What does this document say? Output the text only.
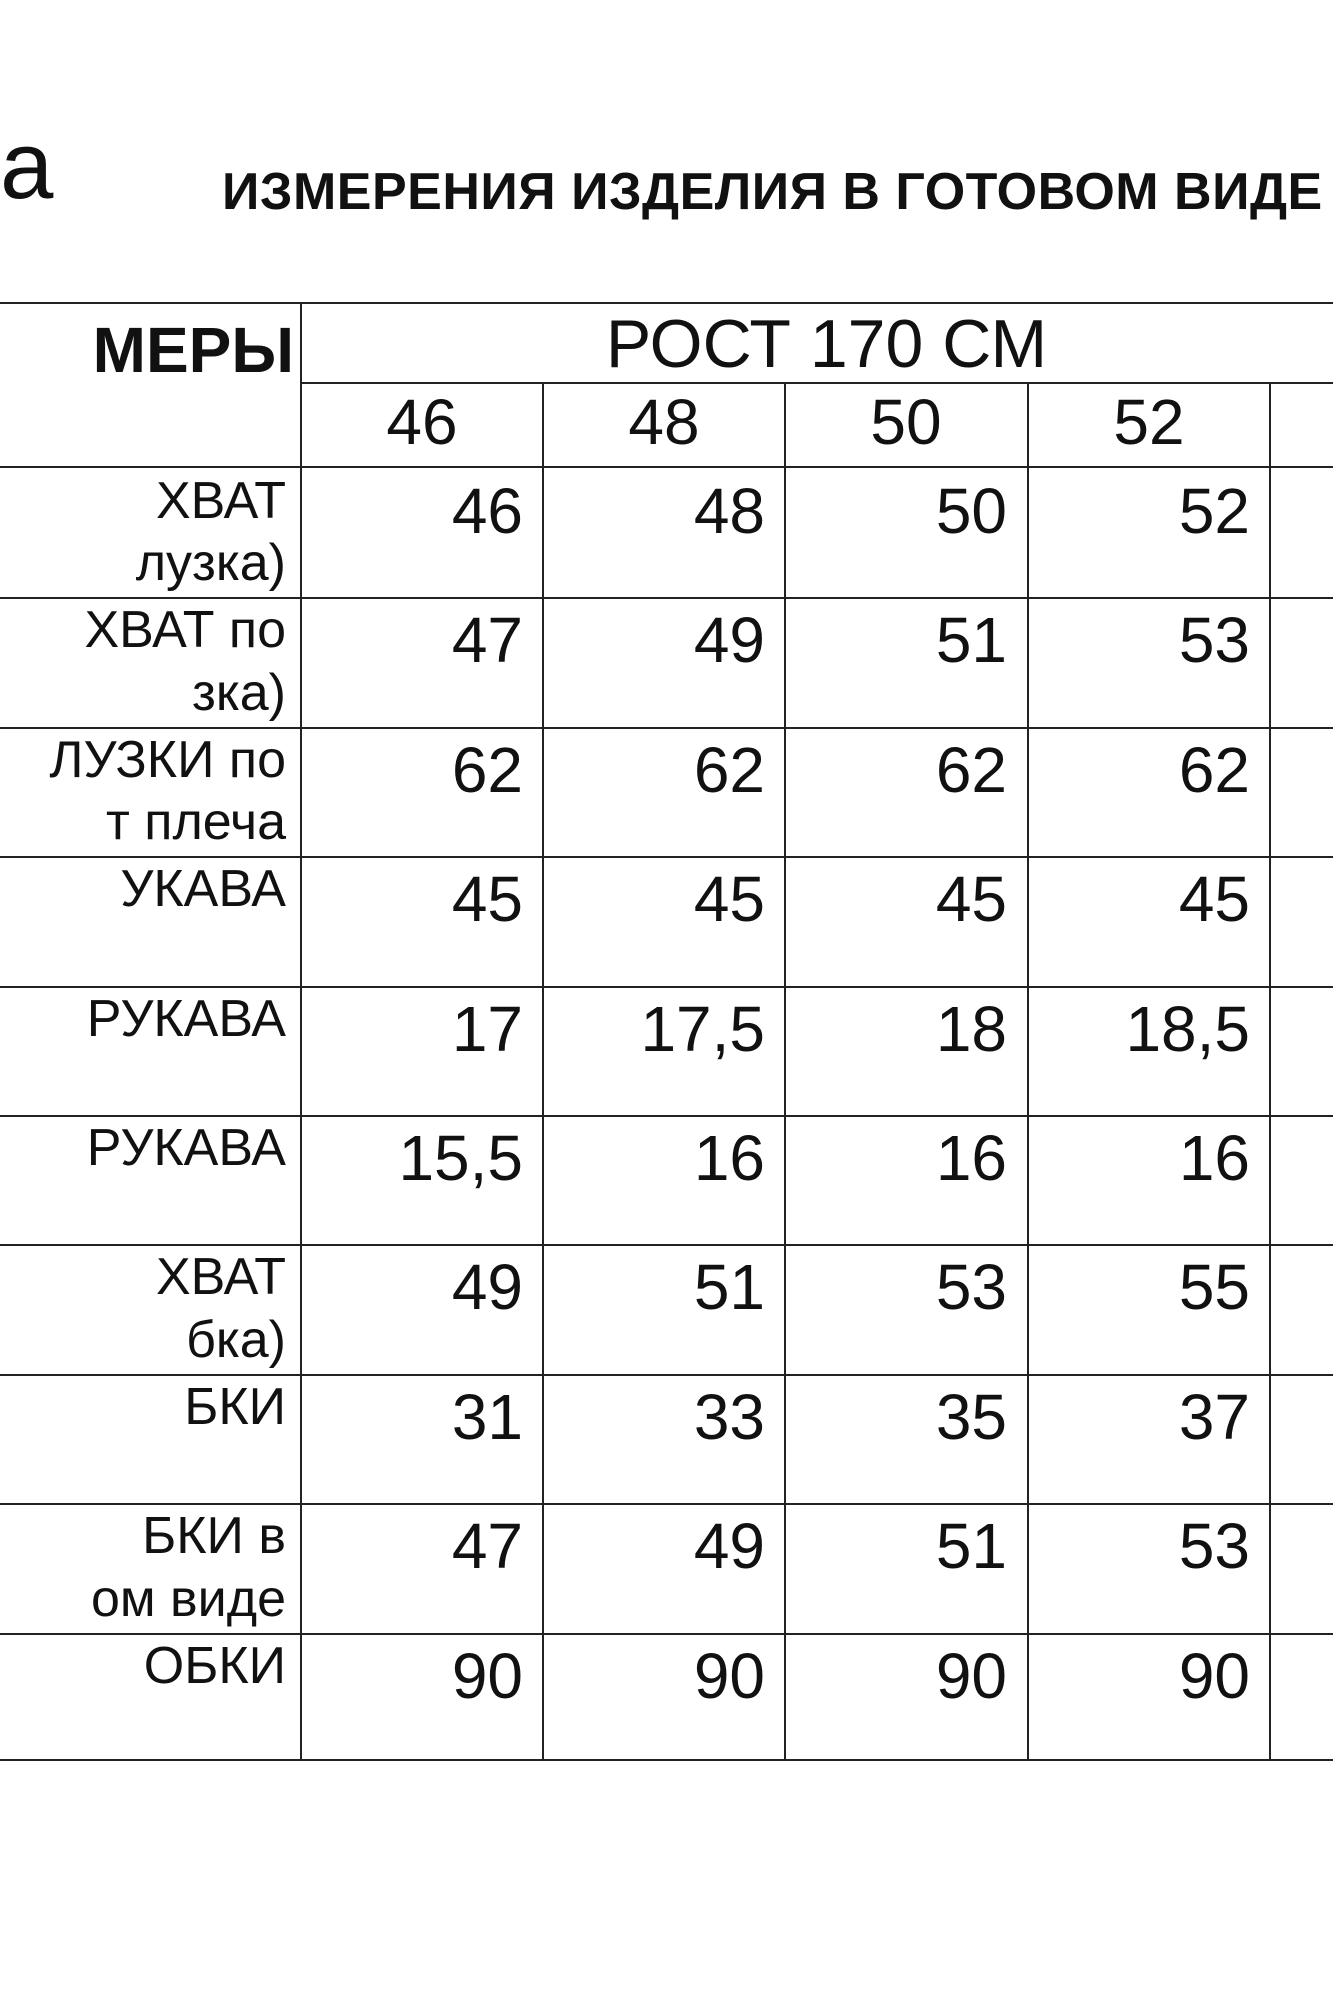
a	ИЗМЕРЕНИЯ ИЗДЕЛИЯ В ГОТОВОМ ВИДЕ
МЕРЫ	РОСТ 170 СМ
46	48	50	52
ХВАТ
лузка)
46	48	50	52
ХВАТ по
зка)
47	49	51	53
ЛУЗКИ по
т плеча
62	62	62	62
УКАВА
	45	45	45	45
РУКАВА
	17	17,5	18	18,5
РУКАВА
	15,5	16	16	16
ХВАТ
бка)
49	51	53	55
БКИ
	31	33	35	37
БКИ в
ом виде
47	49	51	53
ОБКИ
	90	90	90	90
